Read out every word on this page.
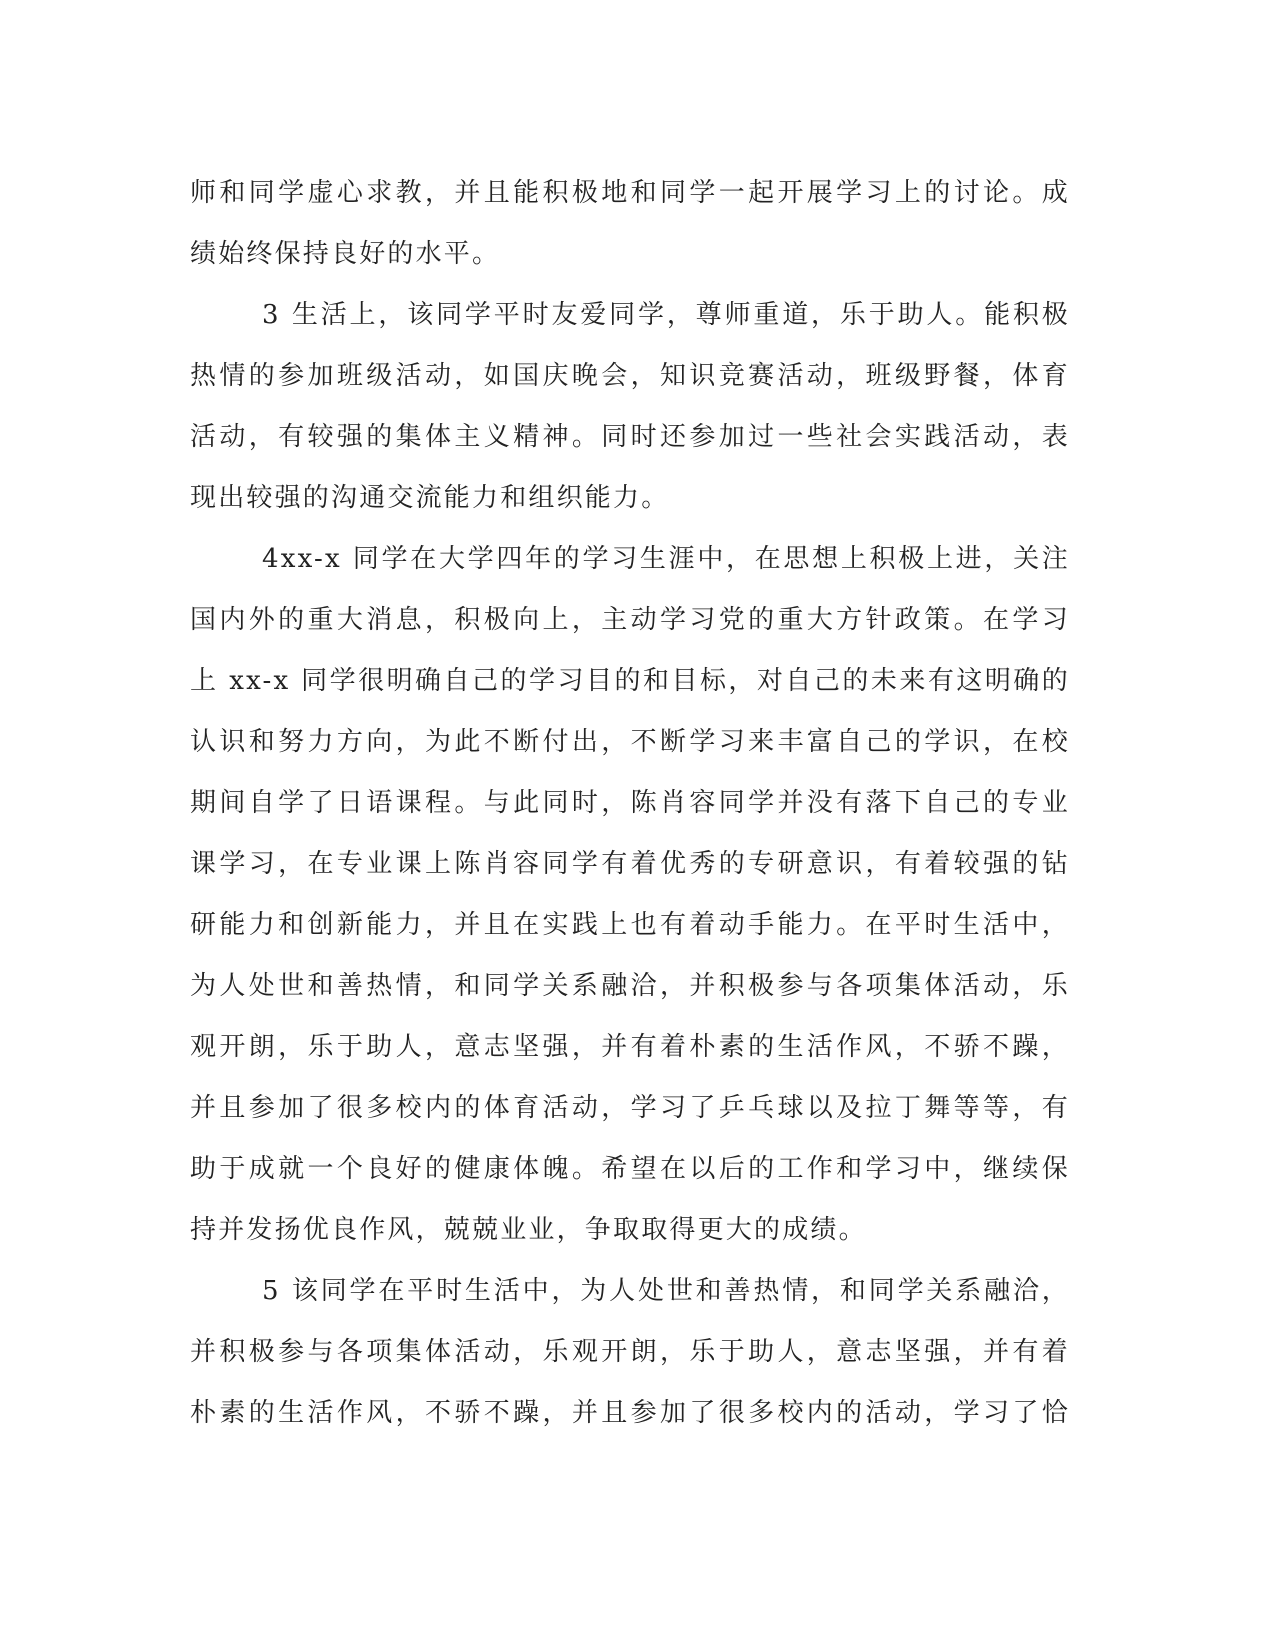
师和同学虚心求教，并且能积极地和同学一起开展学习上的讨论。成
绩始终保持良好的水平。
3 生活上，该同学平时友爱同学，尊师重道，乐于助人。能积极
热情的参加班级活动，如国庆晚会，知识竞赛活动，班级野餐，体育
活动，有较强的集体主义精神。同时还参加过一些社会实践活动，表
现出较强的沟通交流能力和组织能力。
4xx-x 同学在大学四年的学习生涯中，在思想上积极上进，关注
国内外的重大消息，积极向上，主动学习党的重大方针政策。在学习
上 xx-x 同学很明确自己的学习目的和目标，对自己的未来有这明确的
认识和努力方向，为此不断付出，不断学习来丰富自己的学识，在校
期间自学了日语课程。与此同时，陈肖容同学并没有落下自己的专业
课学习，在专业课上陈肖容同学有着优秀的专研意识，有着较强的钻
研能力和创新能力，并且在实践上也有着动手能力。在平时生活中，
为人处世和善热情，和同学关系融洽，并积极参与各项集体活动，乐
观开朗，乐于助人，意志坚强，并有着朴素的生活作风，不骄不躁，
并且参加了很多校内的体育活动，学习了乒乓球以及拉丁舞等等，有
助于成就一个良好的健康体魄。希望在以后的工作和学习中，继续保
持并发扬优良作风，兢兢业业，争取取得更大的成绩。
5 该同学在平时生活中，为人处世和善热情，和同学关系融洽，
并积极参与各项集体活动，乐观开朗，乐于助人，意志坚强，并有着
朴素的生活作风，不骄不躁，并且参加了很多校内的活动，学习了恰
